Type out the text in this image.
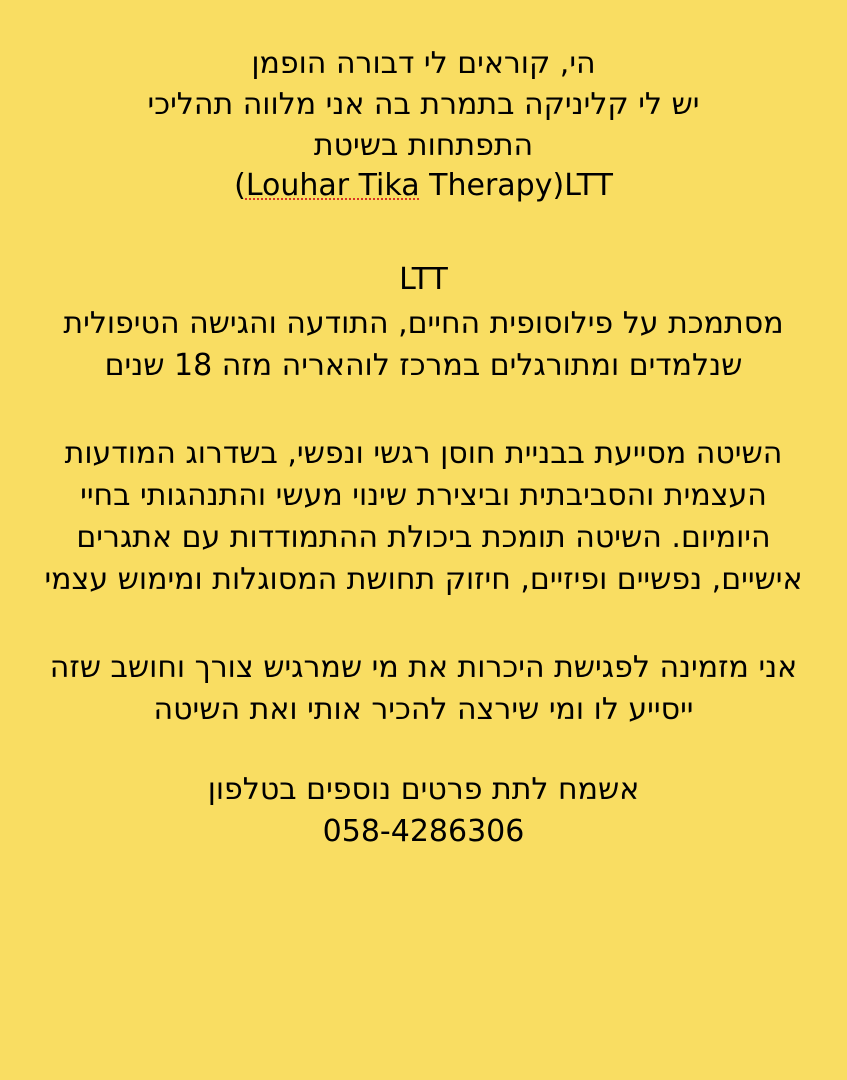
הי, קוראים לי דבורה הופמן
יש לי קליניקה בתמרת בה אני מלווה תהליכי
התפתחות בשיטת
LTT(Louhar Tika Therapy)
LTT
מסתמכת על פילוסופית החיים, התודעה והגישה הטיפולית שנלמדים ומתורגלים במרכז לוהאריה מזה 18 שנים
השיטה מסייעת בבניית חוסן רגשי ונפשי, בשדרוג המודעות העצמית והסביבתית וביצירת שינוי מעשי והתנהגותי בחיי היומיום. השיטה תומכת ביכולת ההתמודדות עם אתגרים אישיים, נפשיים ופיזיים, חיזוק תחושת המסוגלות ומימוש עצמי
אני מזמינה לפגישת היכרות את מי שמרגיש צורך וחושב שזה ייסייע לו ומי שירצה להכיר אותי ואת השיטה
אשמח לתת פרטים נוספים בטלפון
058-4286306
